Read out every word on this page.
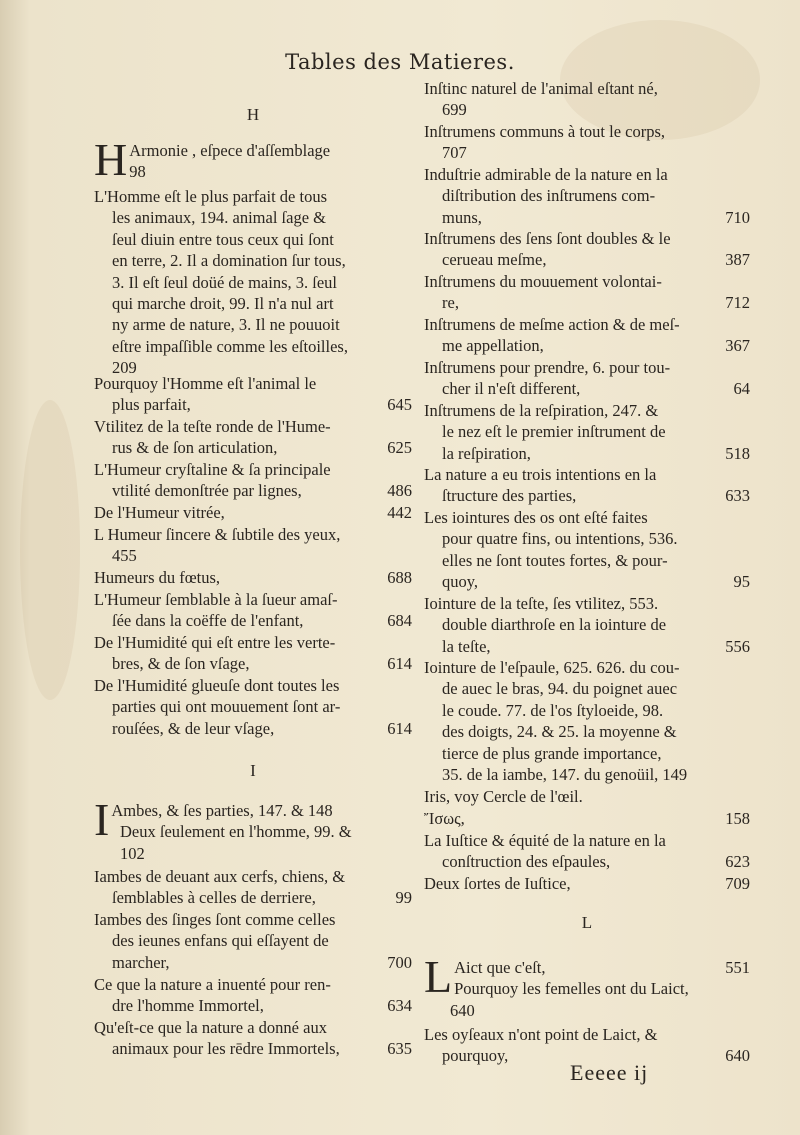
Tables des Matieres.
H
I
H Armonie , eſpece d'aſſemblage
98
L'Homme eſt le plus parfait de tous
les animaux, 194. animal ſage &
ſeul diuin entre tous ceux qui ſont
en terre, 2. Il a domination ſur tous,
3. Il eſt ſeul doüé de mains, 3. ſeul
qui marche droit, 99. Il n'a nul art
ny arme de nature, 3. Il ne pouuoit
eſtre impaſſible comme les eſtoilles,
209
Pourquoy l'Homme eſt l'animal le
plus parfait,	645
Vtilitez de la teſte ronde de l'Hume-
rus & de ſon articulation,	625
L'Humeur cryſtaline & ſa principale
vtilité demonſtrée par lignes,	486
De l'Humeur vitrée,	442
L Humeur ſincere & ſubtile des yeux,
455
Humeurs du fœtus,	688
L'Humeur ſemblable à la ſueur amaſ-
ſée dans la coëffe de l'enfant,	684
De l'Humidité qui eſt entre les verte-
bres, & de ſon vſage,	614
De l'Humidité glueuſe dont toutes les
parties qui ont mouuement ſont ar-
rouſées, & de leur vſage,	614
I Ambes, & ſes parties, 147. & 148
Deux ſeulement en l'homme, 99. &
102
Iambes de deuant aux cerfs, chiens, &
ſemblables à celles de derriere,	99
Iambes des ſinges ſont comme celles
des ieunes enfans qui eſſayent de
marcher,	700
Ce que la nature a inuenté pour ren-
dre l'homme Immortel,	634
Qu'eſt-ce que la nature a donné aux
animaux pour les rēdre Immortels,	635
L
Inſtinc naturel de l'animal eſtant né,
699
Inſtrumens communs à tout le corps,
707
Induſtrie admirable de la nature en la
diſtribution des inſtrumens com-
muns,	710
Inſtrumens des ſens ſont doubles & le
cerueau meſme,	387
Inſtrumens du mouuement volontai-
re,	712
Inſtrumens de meſme action & de meſ-
me appellation,	367
Inſtrumens pour prendre, 6. pour tou-
cher il n'eſt different,	64
Inſtrumens de la reſpiration, 247. &
le nez eſt le premier inſtrument de
la reſpiration,	518
La nature a eu trois intentions en la
ſtructure des parties,	633
Les iointures des os ont eſté faites
pour quatre fins, ou intentions, 536.
elles ne ſont toutes fortes, & pour-
quoy,	95
Iointure de la teſte, ſes vtilitez, 553.
double diarthroſe en la iointure de
la teſte,	556
Iointure de l'eſpaule, 625. 626. du cou-
de auec le bras, 94. du poignet auec
le coude. 77. de l'os ſtyloeide, 98.
des doigts, 24. & 25. la moyenne &
tierce de plus grande importance,
35. de la iambe, 147. du genoüil, 149
Iris, voy Cercle de l'œil.
Ἴσως,	158
La Iuſtice & équité de la nature en la
conſtruction des eſpaules,	623
Deux ſortes de Iuſtice,	709
L Aict que c'eſt,	551
Pourquoy les femelles ont du Laict,
640
Les oyſeaux n'ont point de Laict, &
pourquoy,	640
Eeeee ij
